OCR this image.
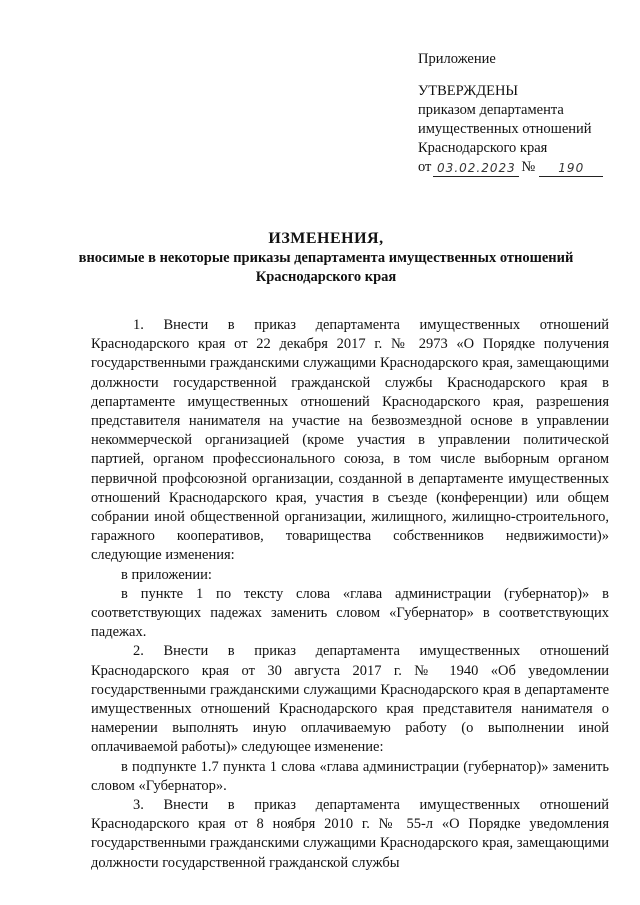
Приложение
УТВЕРЖДЕНЫ
приказом департамента
имущественных отношений
Краснодарского края
от 03.02.2023 №	190
ИЗМЕНЕНИЯ,
вносимые в некоторые приказы департамента имущественных отношений
Краснодарского края

1. Внести в приказ департамента имущественных отношений Краснодарского края от 22 декабря 2017 г. № 2973 «О Порядке получения государственными гражданскими служащими Краснодарского края, замещающими должности государственной гражданской службы Краснодарского края в департаменте имущественных отношений Краснодарского края, разрешения представителя нанимателя на участие на безвозмездной основе в управлении некоммерческой организацией (кроме участия в управлении политической партией, органом профессионального союза, в том числе выборным органом первичной профсоюзной организации, созданной в департаменте имущественных отношений Краснодарского края, участия в съезде (конференции) или общем собрании иной общественной организации, жилищного, жилищно-строительного, гаражного кооперативов, товарищества собственников недвижимости)» следующие изменения:

в приложении:

в пункте 1 по тексту слова «глава администрации (губернатор)» в соответствующих падежах заменить словом «Губернатор» в соответствующих падежах.

2. Внести в приказ департамента имущественных отношений Краснодарского края от 30 августа 2017 г. № 1940 «Об уведомлении государственными гражданскими служащими Краснодарского края в департаменте имущественных отношений Краснодарского края представителя нанимателя о намерении выполнять иную оплачиваемую работу (о выполнении иной оплачиваемой работы)» следующее изменение:

в подпункте 1.7 пункта 1 слова «глава администрации (губернатор)» заменить словом «Губернатор».

3. Внести в приказ департамента имущественных отношений Краснодарского края от 8 ноября 2010 г. № 55-л «О Порядке уведомления государственными гражданскими служащими Краснодарского края, замещающими должности государственной гражданской службы
